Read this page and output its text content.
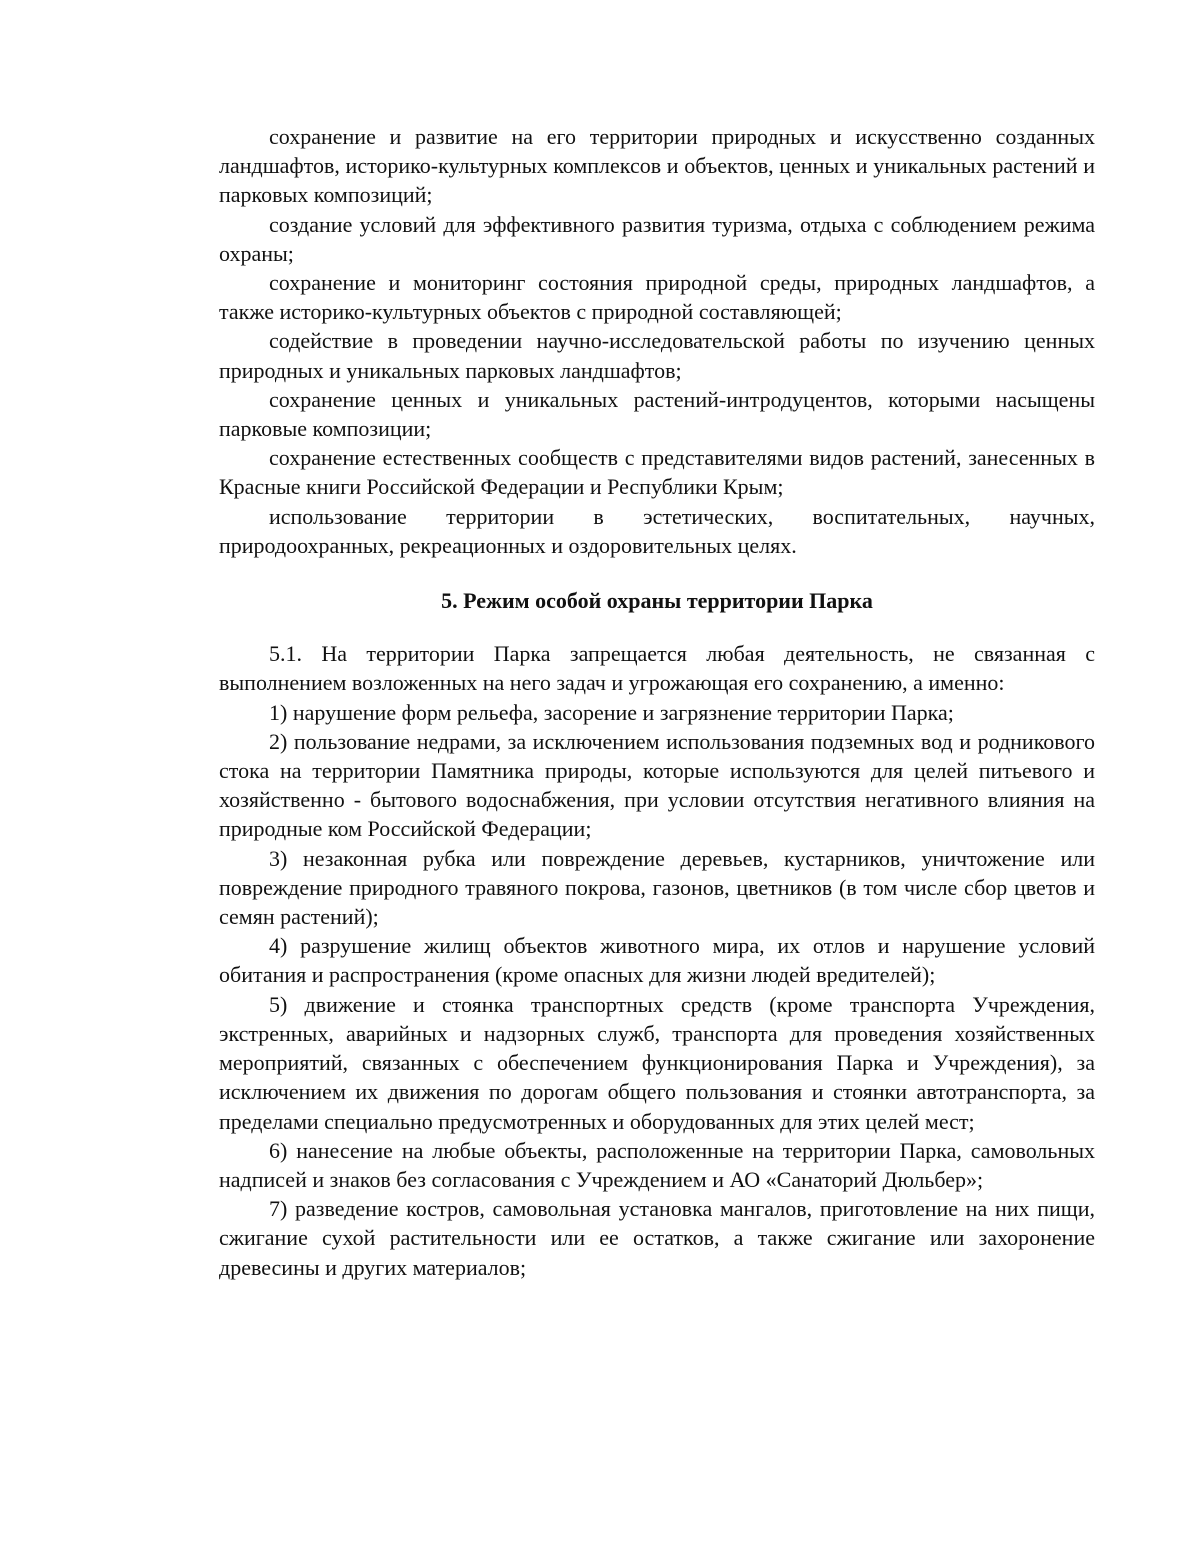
сохранение и развитие на его территории природных и искусственно созданных ландшафтов, историко-культурных комплексов и объектов, ценных и уникальных растений и парковых композиций;

создание условий для эффективного развития туризма, отдыха с соблюдением режима охраны;

сохранение и мониторинг состояния природной среды, природных ландшафтов, а также историко-культурных объектов с природной составляющей;

содействие в проведении научно-исследовательской работы по изучению ценных природных и уникальных парковых ландшафтов;

сохранение ценных и уникальных растений-интродуцентов, которыми насыщены парковые композиции;

сохранение естественных сообществ с представителями видов растений, занесенных в Красные книги Российской Федерации и Республики Крым;

использование территории в эстетических, воспитательных, научных, природоохранных, рекреационных и оздоровительных целях.

5. Режим особой охраны территории Парка

5.1. На территории Парка запрещается любая деятельность, не связанная с выполнением возложенных на него задач и угрожающая его сохранению, а именно:

1) нарушение форм рельефа, засорение и загрязнение территории Парка;

2) пользование недрами, за исключением использования подземных вод и родникового стока на территории Памятника природы, которые используются для целей питьевого и хозяйственно - бытового водоснабжения, при условии отсутствия негативного влияния на природные ком Российской Федерации;

3) незаконная рубка или повреждение деревьев, кустарников, уничтожение или повреждение природного травяного покрова, газонов, цветников (в том числе сбор цветов и семян растений);

4) разрушение жилищ объектов животного мира, их отлов и нарушение условий обитания и распространения (кроме опасных для жизни людей вредителей);

5) движение и стоянка транспортных средств (кроме транспорта Учреждения, экстренных, аварийных и надзорных служб, транспорта для проведения хозяйственных мероприятий, связанных с обеспечением функционирования Парка и Учреждения), за исключением их движения по дорогам общего пользования и стоянки автотранспорта, за пределами специально предусмотренных и оборудованных для этих целей мест;

6) нанесение на любые объекты, расположенные на территории Парка, самовольных надписей и знаков без согласования с Учреждением и АО «Санаторий Дюльбер»;

7) разведение костров, самовольная установка мангалов, приготовление на них пищи, сжигание сухой растительности или ее остатков, а также сжигание или захоронение древесины и других материалов;
